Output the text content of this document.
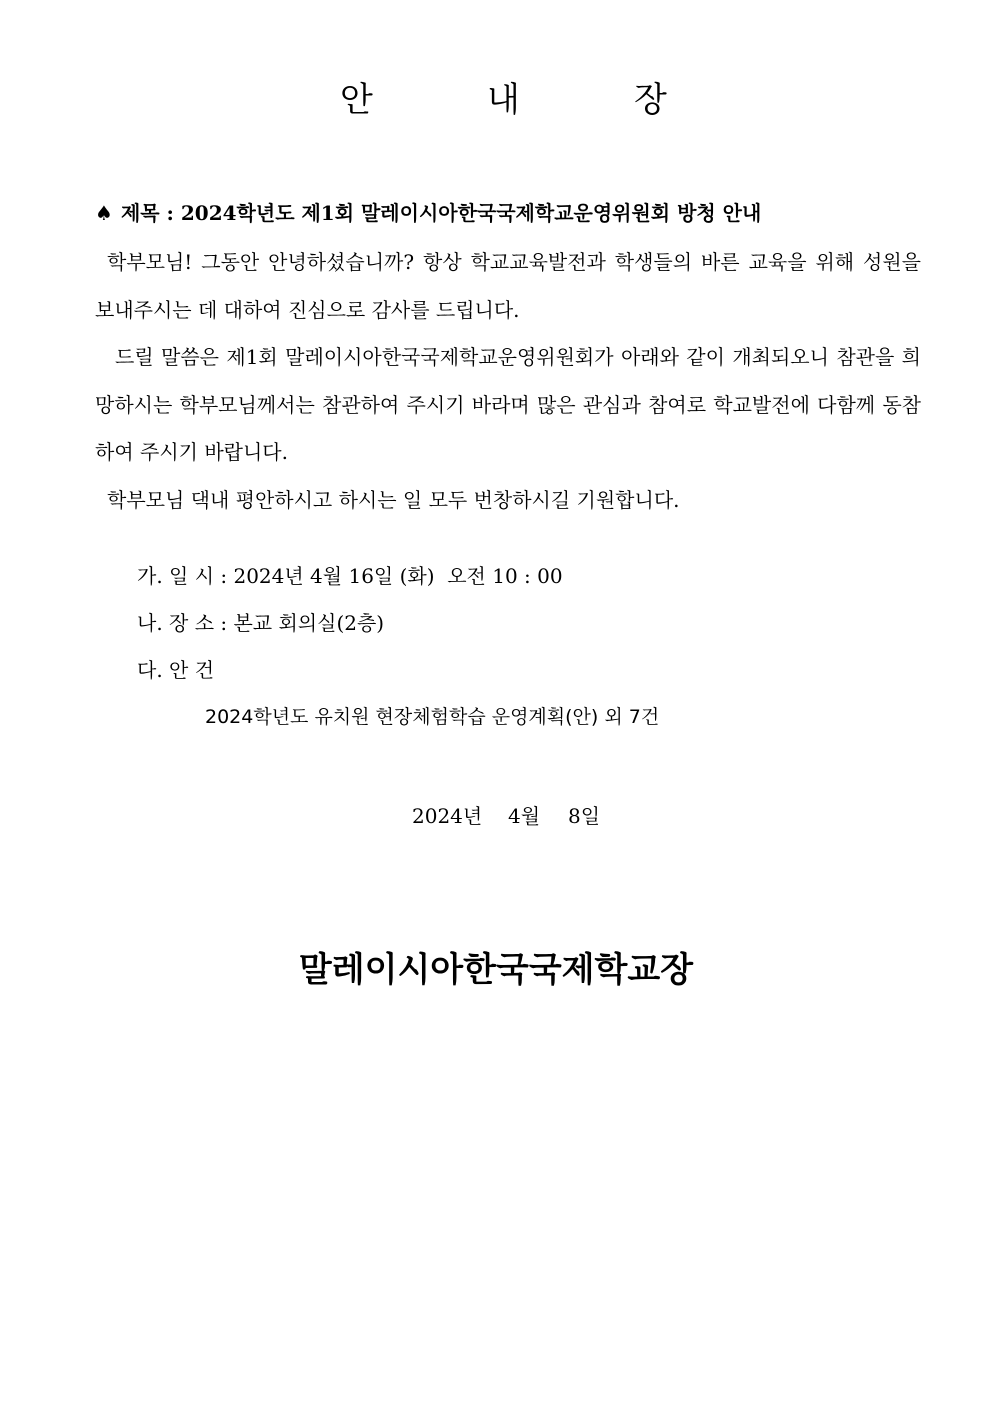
안	내	장
♠ 제목 : 2024학년도 제1회 말레이시아한국국제학교운영위원회 방청 안내

학부모님! 그동안 안녕하셨습니까? 항상 학교교육발전과 학생들의 바른 교육을 위해 성원을 보내주시는 데 대하여 진심으로 감사를 드립니다.

드릴 말씀은 제1회 말레이시아한국국제학교운영위원회가 아래와 같이 개최되오니 참관을 희망하시는 학부모님께서는 참관하여 주시기 바라며 많은 관심과 참여로 학교발전에 다함께 동참하여 주시기 바랍니다.

학부모님 댁내 평안하시고 하시는 일 모두 번창하시길 기원합니다.

가. 일 시 : 2024년 4월 16일 (화)  오전 10 : 00
나. 장 소 : 본교 회의실(2층)
다. 안 건
2024학년도 유치원 현장체험학습 운영계획(안) 외 7건
2024년 4월 8일
말레이시아한국국제학교장
